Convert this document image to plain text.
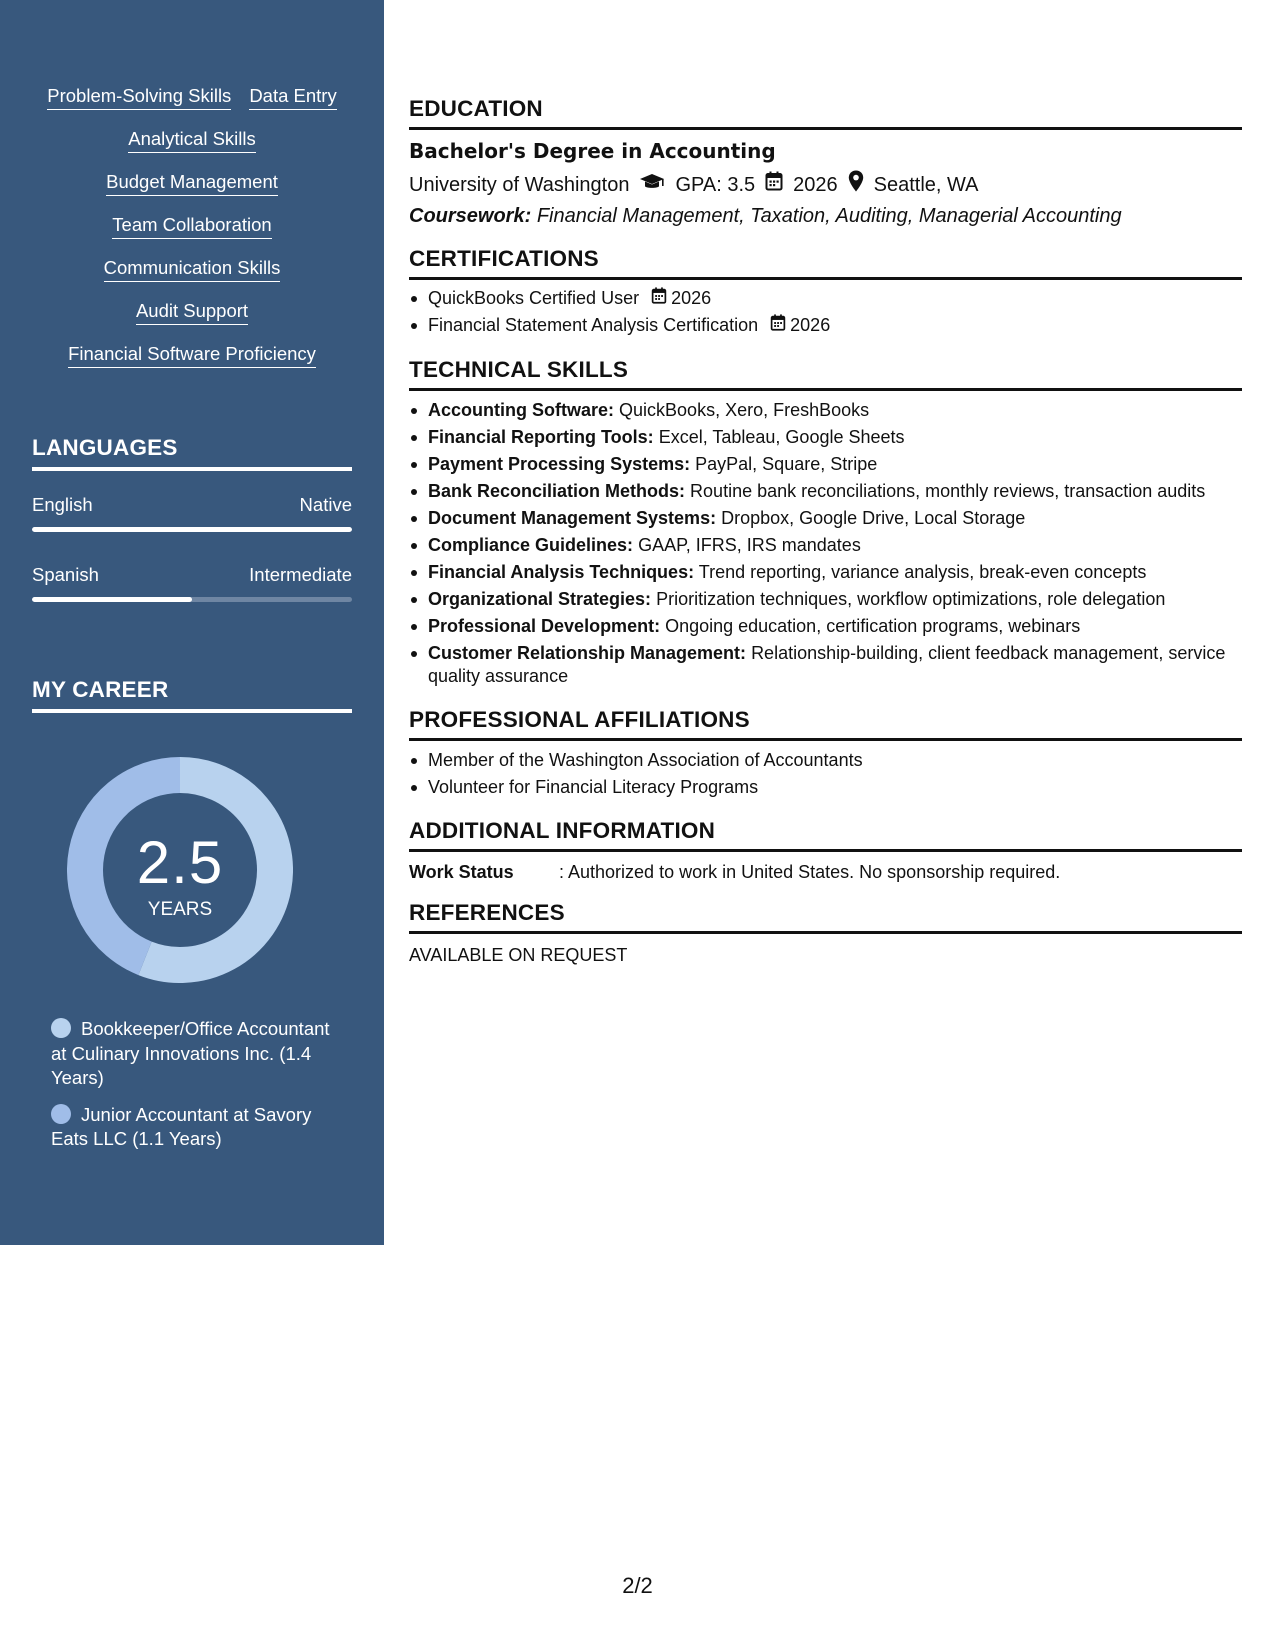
Problem-Solving Skills Data Entry
Analytical Skills
Budget Management
Team Collaboration
Communication Skills
Audit Support
Financial Software Proficiency
LANGUAGES
English	Native
Spanish	Intermediate
MY CAREER
2.5
YEARS
Bookkeeper/Office Accountant at Culinary Innovations Inc. (1.4 Years)
Junior Accountant at Savory Eats LLC (1.1 Years)
EDUCATION
Bachelor's Degree in Accounting
University of Washington GPA: 3.5 2026 Seattle, WA
Coursework: Financial Management, Taxation, Auditing, Managerial Accounting
CERTIFICATIONS
QuickBooks Certified User 2026
Financial Statement Analysis Certification 2026
TECHNICAL SKILLS
Accounting Software: QuickBooks, Xero, FreshBooks
Financial Reporting Tools: Excel, Tableau, Google Sheets
Payment Processing Systems: PayPal, Square, Stripe
Bank Reconciliation Methods: Routine bank reconciliations, monthly reviews, transaction audits
Document Management Systems: Dropbox, Google Drive, Local Storage
Compliance Guidelines: GAAP, IFRS, IRS mandates
Financial Analysis Techniques: Trend reporting, variance analysis, break-even concepts
Organizational Strategies: Prioritization techniques, workflow optimizations, role delegation
Professional Development: Ongoing education, certification programs, webinars
Customer Relationship Management: Relationship-building, client feedback management, service quality assurance
PROFESSIONAL AFFILIATIONS
Member of the Washington Association of Accountants
Volunteer for Financial Literacy Programs
ADDITIONAL INFORMATION
Work Status	: Authorized to work in United States. No sponsorship required.
REFERENCES
AVAILABLE ON REQUEST
2/2
